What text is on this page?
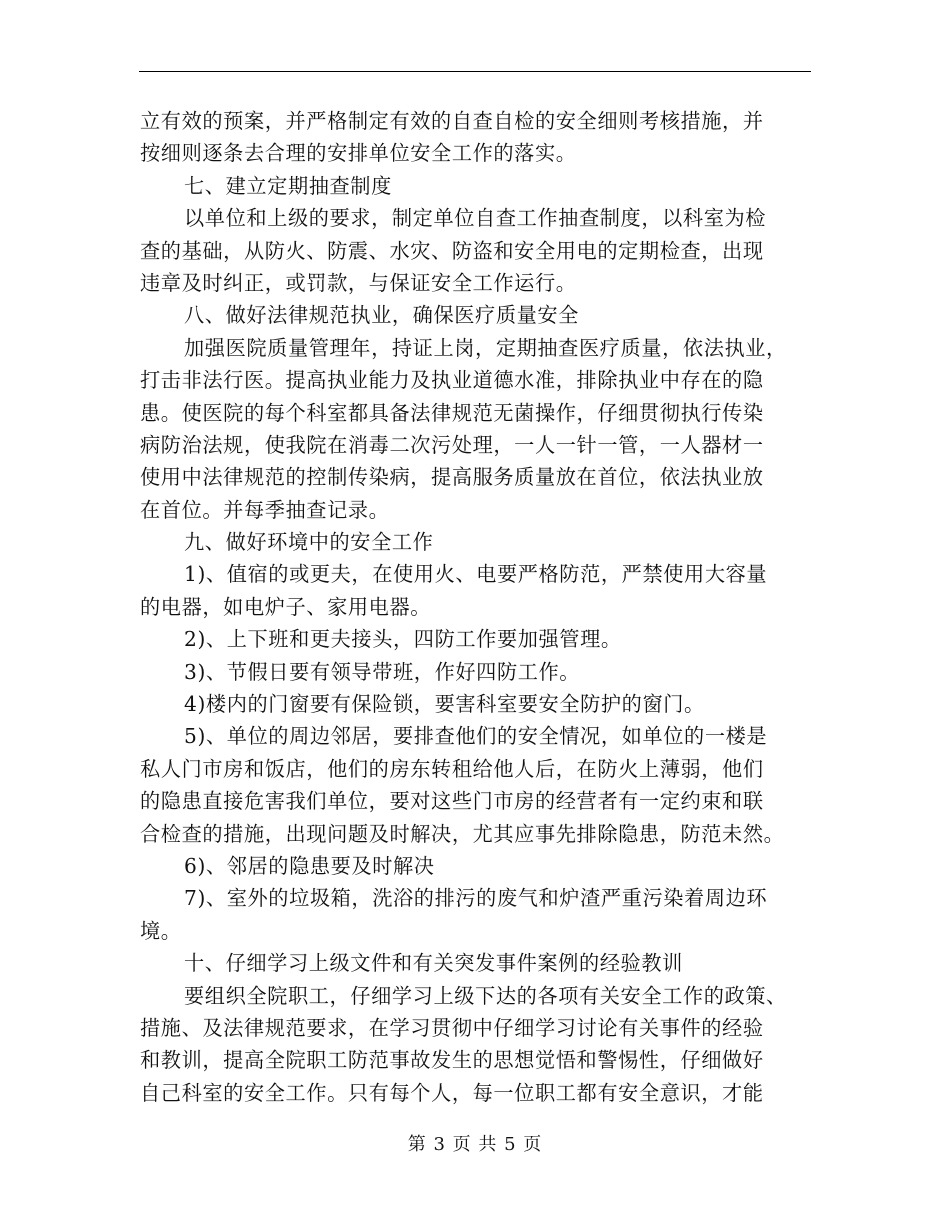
立有效的预案，并严格制定有效的自查自检的安全细则考核措施，并
按细则逐条去合理的安排单位安全工作的落实。
七、建立定期抽查制度
以单位和上级的要求，制定单位自查工作抽查制度，以科室为检
查的基础，从防火、防震、水灾、防盗和安全用电的定期检查，出现
违章及时纠正，或罚款，与保证安全工作运行。
八、做好法律规范执业，确保医疗质量安全
加强医院质量管理年，持证上岗，定期抽查医疗质量，依法执业，
打击非法行医。提高执业能力及执业道德水准，排除执业中存在的隐
患。使医院的每个科室都具备法律规范无菌操作，仔细贯彻执行传染
病防治法规，使我院在消毒二次污处理，一人一针一管，一人器材一
使用中法律规范的控制传染病，提高服务质量放在首位，依法执业放
在首位。并每季抽查记录。
九、做好环境中的安全工作
1)、值宿的或更夫，在使用火、电要严格防范，严禁使用大容量
的电器，如电炉子、家用电器。
2)、上下班和更夫接头，四防工作要加强管理。
3)、节假日要有领导带班，作好四防工作。
4)楼内的门窗要有保险锁，要害科室要安全防护的窗门。
5)、单位的周边邻居，要排查他们的安全情况，如单位的一楼是
私人门市房和饭店，他们的房东转租给他人后，在防火上薄弱，他们
的隐患直接危害我们单位，要对这些门市房的经营者有一定约束和联
合检查的措施，出现问题及时解决，尤其应事先排除隐患，防范未然。
6)、邻居的隐患要及时解决
7)、室外的垃圾箱，洗浴的排污的废气和炉渣严重污染着周边环
境。
十、仔细学习上级文件和有关突发事件案例的经验教训
要组织全院职工，仔细学习上级下达的各项有关安全工作的政策、
措施、及法律规范要求，在学习贯彻中仔细学习讨论有关事件的经验
和教训，提高全院职工防范事故发生的思想觉悟和警惕性，仔细做好
自己科室的安全工作。只有每个人，每一位职工都有安全意识，才能
第 3 页 共 5 页
